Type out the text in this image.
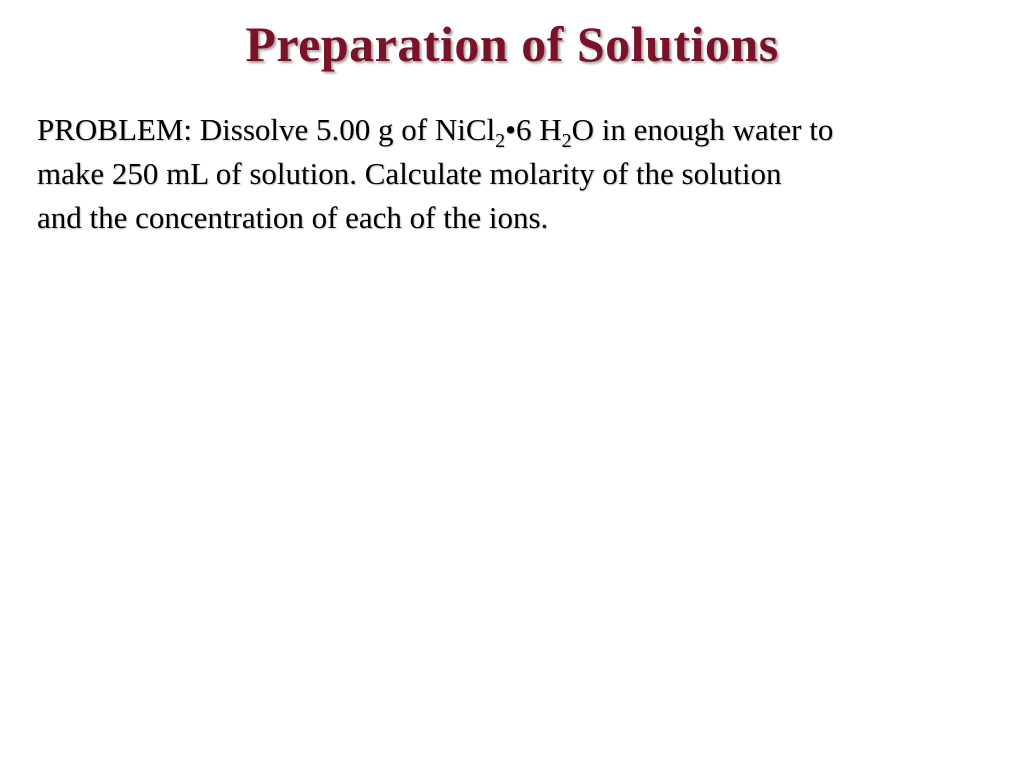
Preparation of Solutions
PROBLEM: Dissolve 5.00 g of NiCl$_2$•6 $H_2O$ in enough water to
make 250 mL of solution. Calculate molarity of the solution
and the concentration of each of the ions.
